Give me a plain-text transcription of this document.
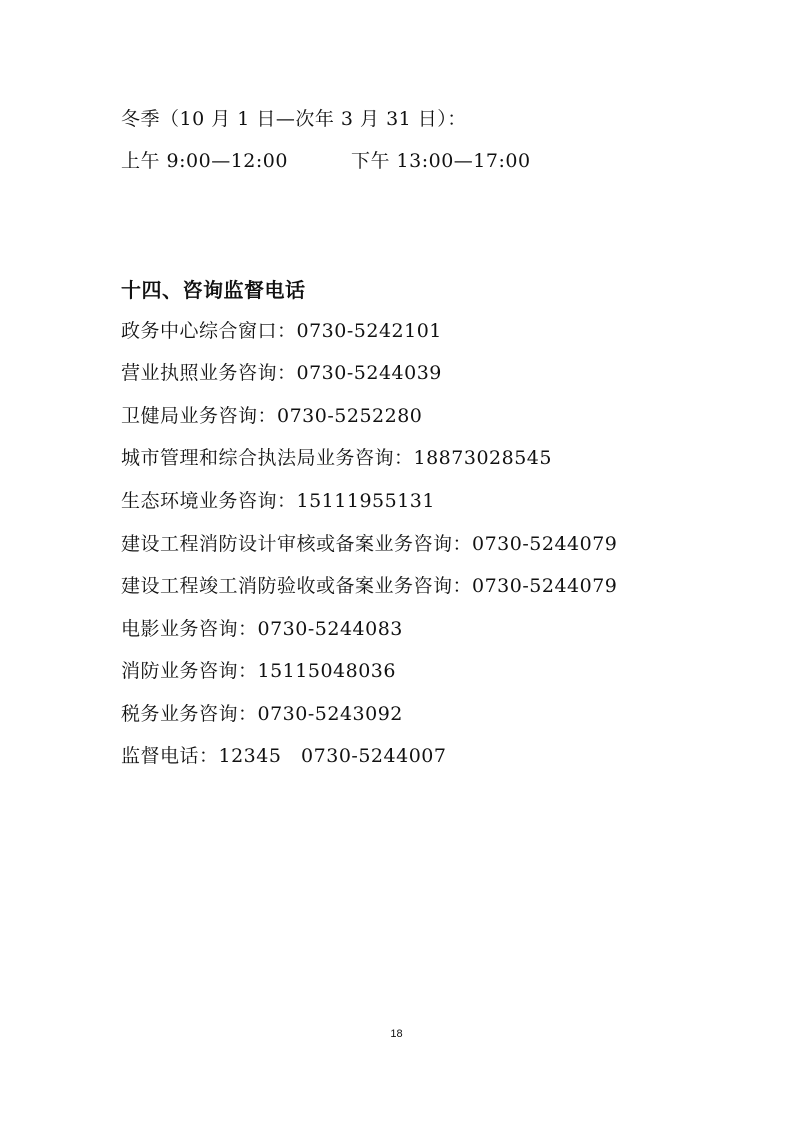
冬季（10 月 1 日—次年 3 月 31 日）：
上午 9:00—12:00	下午 13:00—17:00
十四、咨询监督电话
政务中心综合窗口：0730-5242101
营业执照业务咨询：0730-5244039
卫健局业务咨询：0730-5252280
城市管理和综合执法局业务咨询：18873028545
生态环境业务咨询：15111955131
建设工程消防设计审核或备案业务咨询：0730-5244079
建设工程竣工消防验收或备案业务咨询：0730-5244079
电影业务咨询：0730-5244083
消防业务咨询：15115048036
税务业务咨询：0730-5243092
监督电话：12345   0730-5244007
18
